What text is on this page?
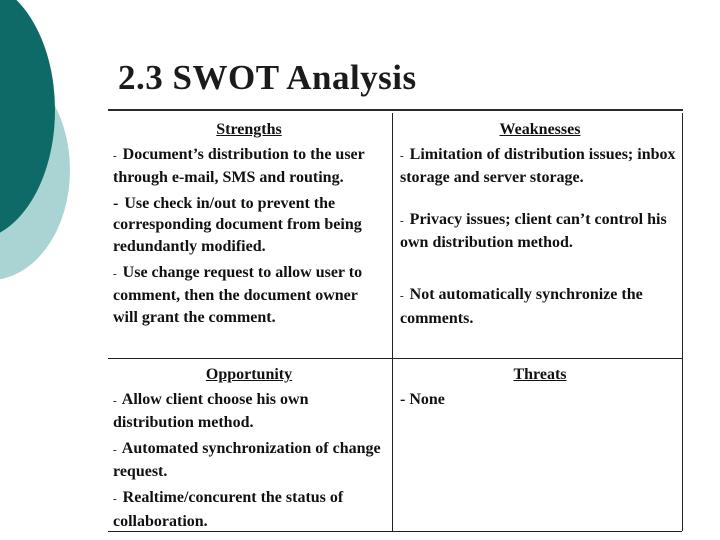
2.3 SWOT Analysis
Strengths
- Document’s distribution to the user through e-mail, SMS and routing.
- Use check in/out to prevent the corresponding document from being redundantly modified.
- Use change request to allow user to comment, then the document owner will grant the comment.
Weaknesses
- Limitation of distribution issues; inbox storage and server storage.
- Privacy issues; client can’t control his own distribution method.
- Not automatically synchronize the comments.
Opportunity
- Allow client choose his own distribution method.
- Automated synchronization of change request.
- Realtime/concurent the status of collaboration.
Threats
- None
